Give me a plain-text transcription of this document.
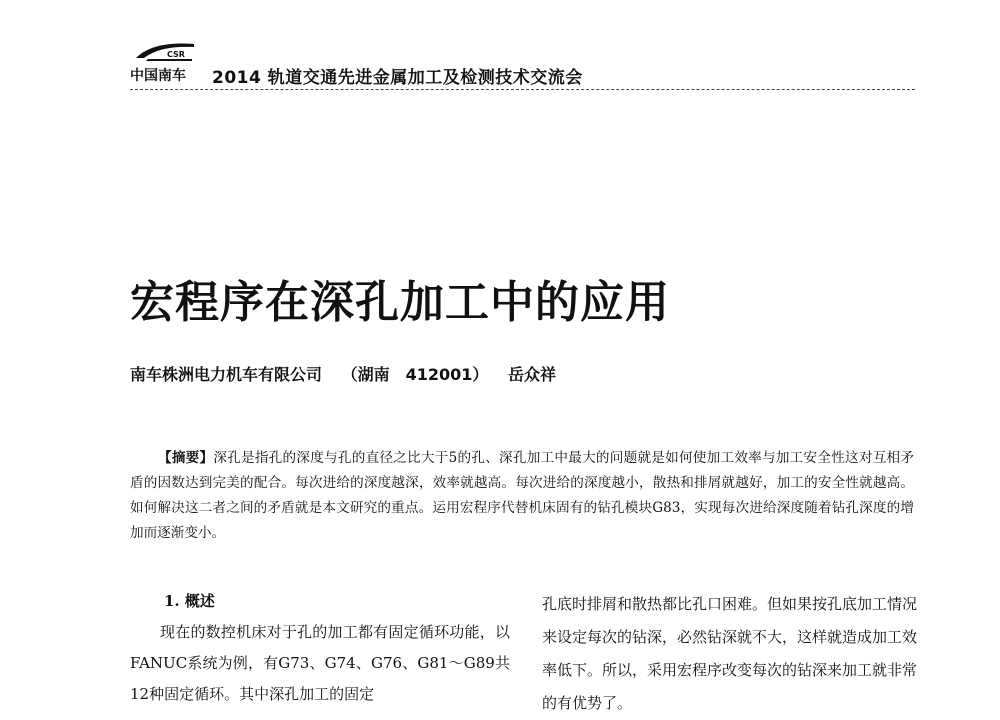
CSR
中国南车 2014 轨道交通先进金属加工及检测技术交流会
宏程序在深孔加工中的应用
南车株洲电力机车有限公司 （湖南　412001） 岳众祥

【摘要】深孔是指孔的深度与孔的直径之比大于5的孔、深孔加工中最大的问题就是如何使加工效率与加工安全性这对互相矛盾的因数达到完美的配合。每次进给的深度越深，效率就越高。每次进给的深度越小，散热和排屑就越好，加工的安全性就越高。如何解决这二者之间的矛盾就是本文研究的重点。运用宏程序代替机床固有的钻孔模块G83，实现每次进给深度随着钻孔深度的增加而逐渐变小。

1. 概述

现在的数控机床对于孔的加工都有固定循环功能，以FANUC系统为例，有G73、G74、G76、G81～G89共12种固定循环。其中深孔加工的固定

孔底时排屑和散热都比孔口困难。但如果按孔底加工情况来设定每次的钻深，必然钻深就不大，这样就造成加工效率低下。所以，采用宏程序改变每次的钻深来加工就非常的有优势了。
